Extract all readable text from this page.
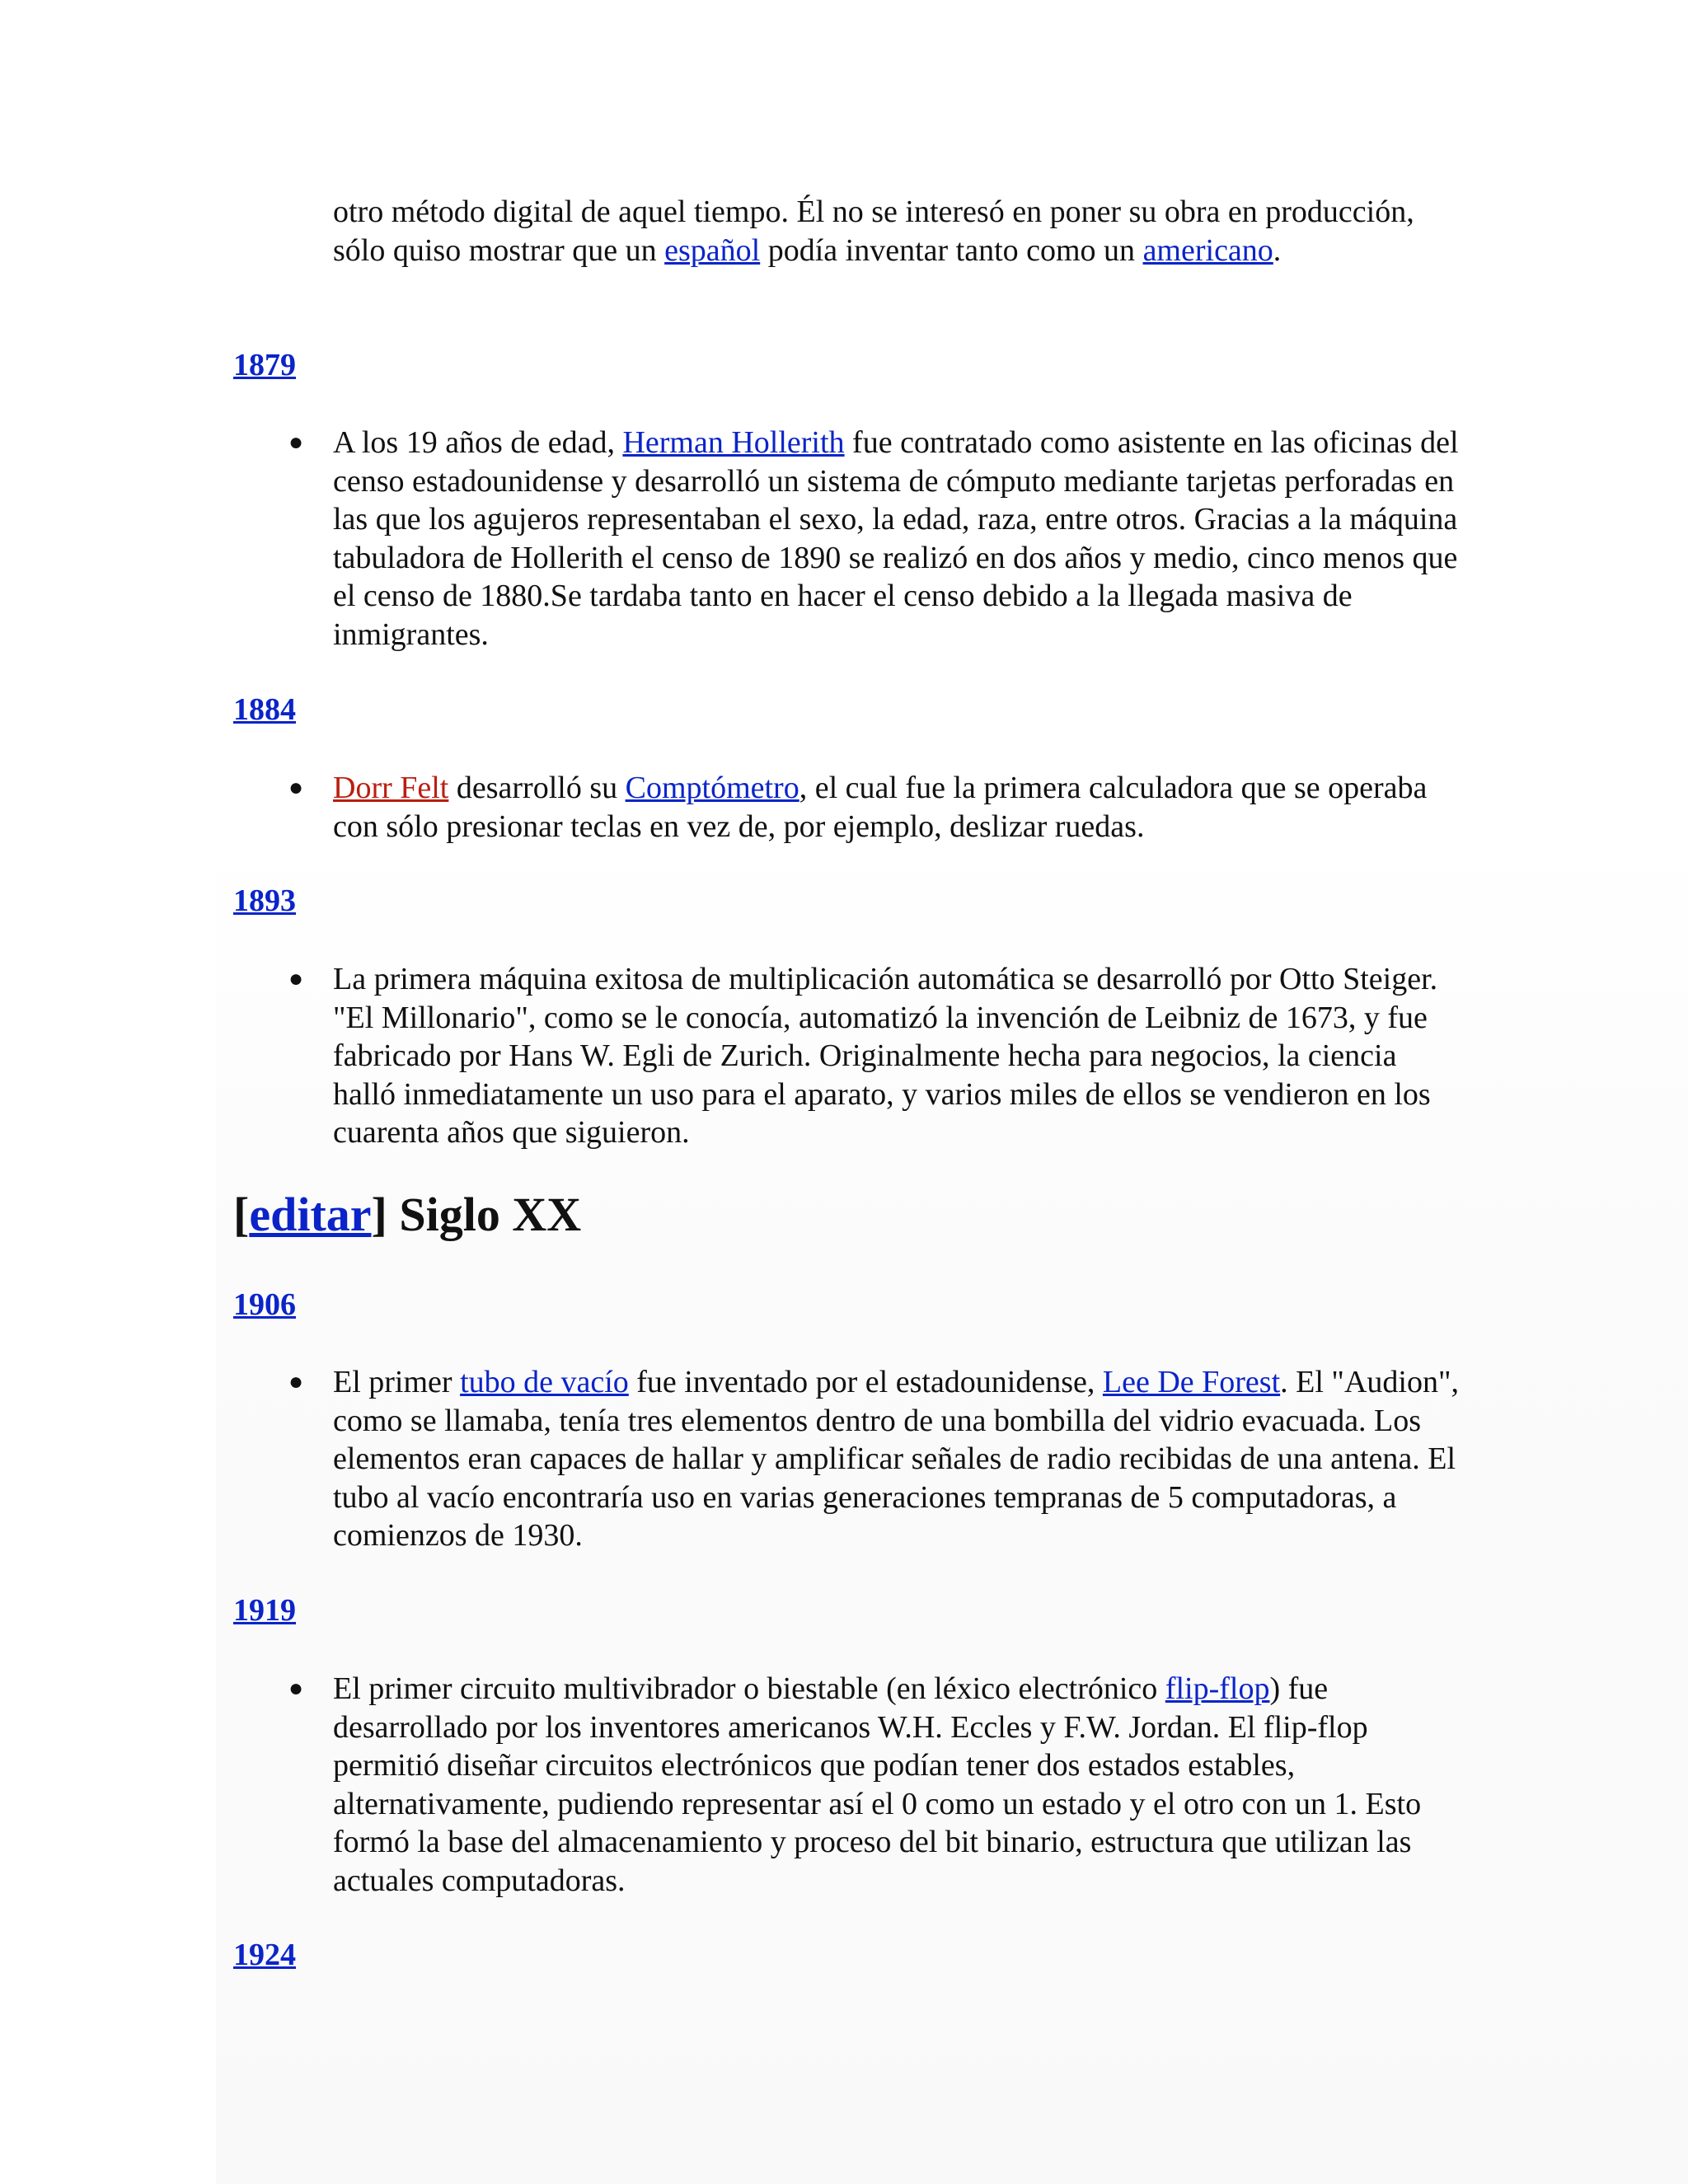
otro método digital de aquel tiempo. Él no se interesó en poner su obra en producción, sólo quiso mostrar que un español podía inventar tanto como un americano.

1879

● A los 19 años de edad, Herman Hollerith fue contratado como asistente en las oficinas del censo estadounidense y desarrolló un sistema de cómputo mediante tarjetas perforadas en las que los agujeros representaban el sexo, la edad, raza, entre otros. Gracias a la máquina tabuladora de Hollerith el censo de 1890 se realizó en dos años y medio, cinco menos que el censo de 1880.Se tardaba tanto en hacer el censo debido a la llegada masiva de inmigrantes.

1884

● Dorr Felt desarrolló su Comptómetro, el cual fue la primera calculadora que se operaba con sólo presionar teclas en vez de, por ejemplo, deslizar ruedas.

1893

● La primera máquina exitosa de multiplicación automática se desarrolló por Otto Steiger. "El Millonario", como se le conocía, automatizó la invención de Leibniz de 1673, y fue fabricado por Hans W. Egli de Zurich. Originalmente hecha para negocios, la ciencia halló inmediatamente un uso para el aparato, y varios miles de ellos se vendieron en los cuarenta años que siguieron.
[editar] Siglo XX

1906

● El primer tubo de vacío fue inventado por el estadounidense, Lee De Forest. El "Audion", como se llamaba, tenía tres elementos dentro de una bombilla del vidrio evacuada. Los elementos eran capaces de hallar y amplificar señales de radio recibidas de una antena. El tubo al vacío encontraría uso en varias generaciones tempranas de 5 computadoras, a comienzos de 1930.

1919

● El primer circuito multivibrador o biestable (en léxico electrónico flip-flop) fue desarrollado por los inventores americanos W.H. Eccles y F.W. Jordan. El flip-flop permitió diseñar circuitos electrónicos que podían tener dos estados estables, alternativamente, pudiendo representar así el 0 como un estado y el otro con un 1. Esto formó la base del almacenamiento y proceso del bit binario, estructura que utilizan las actuales computadoras.

1924
